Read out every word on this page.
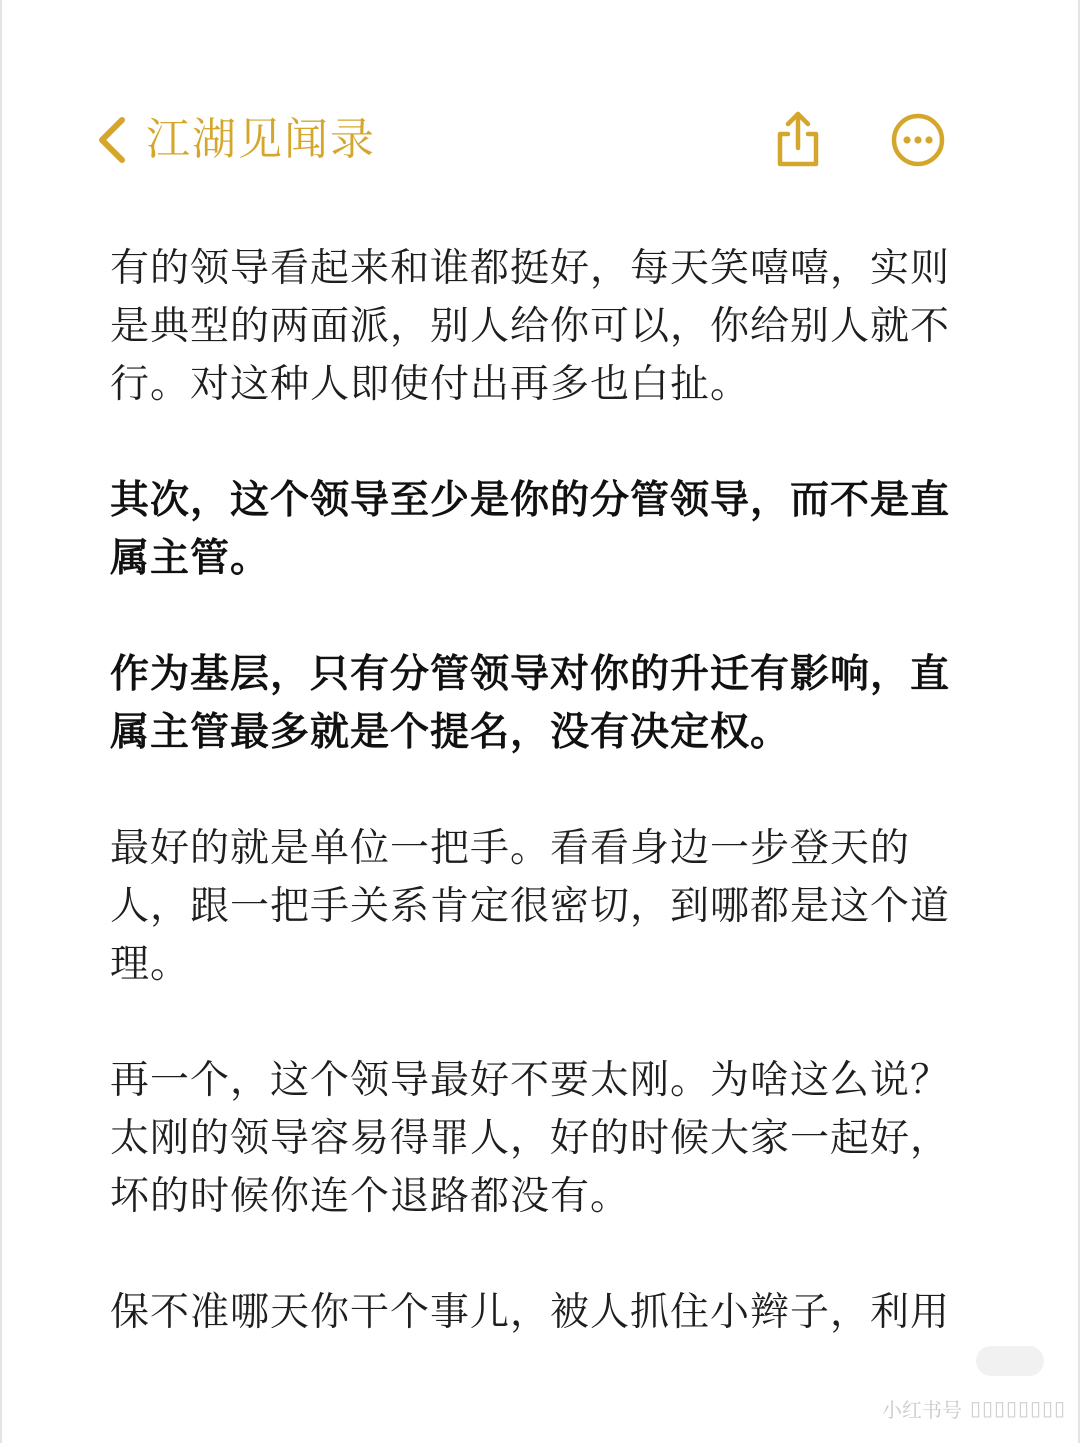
江湖见闻录

有的领导看起来和谁都挺好，每天笑嘻嘻，实则是典型的两面派，别人给你可以，你给别人就不行。对这种人即使付出再多也白扯。

其次，这个领导至少是你的分管领导，而不是直属主管。

作为基层，只有分管领导对你的升迁有影响，直属主管最多就是个提名，没有决定权。

最好的就是单位一把手。看看身边一步登天的人，跟一把手关系肯定很密切，到哪都是这个道理。

再一个，这个领导最好不要太刚。为啥这么说？太刚的领导容易得罪人，好的时候大家一起好，坏的时候你连个退路都没有。

保不准哪天你干个事儿，被人抓住小辫子，利用

小红书号 ▯▯▯▯▯▯▯▯
